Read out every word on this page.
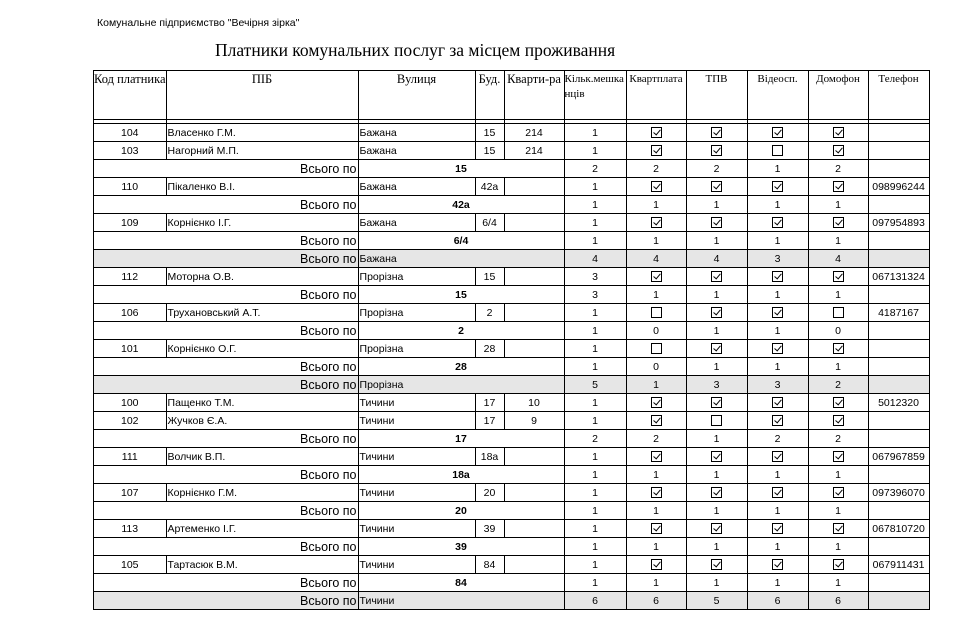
Комунальне підприємство "Вечірня зірка"
Платники комунальних послуг за місцем проживання
Код платника	ПІБ	Вулиця	Буд.	Кварти-ра	Кільк.мешканців	Квартплата	ТПВ	Відеосп.	Домофон	Телефон

104	Власенко Г.М.	Бажана	15	214	1					
103	Нагорний М.П.	Бажана	15	214	1					
Всього по		15			2	2	2	1	2	
110	Пікаленко В.І.	Бажана	42а		1					098996244
Всього по		42а			1	1	1	1	1	
109	Корнієнко І.Г.	Бажана	6/4		1					097954893
Всього по		6/4			1	1	1	1	1	
Всього по		Бажана			4	4	4	3	4	
112	Моторна О.В.	Прорізна	15		3					067131324
Всього по		15			3	1	1	1	1	
106	Трухановський А.Т.	Прорізна	2		1					4187167
Всього по		2			1	0	1	1	0	
101	Корнієнко О.Г.	Прорізна	28		1					
Всього по		28			1	0	1	1	1	
Всього по		Прорізна			5	1	3	3	2	
100	Пащенко Т.М.	Тичини	17	10	1					5012320
102	Жучков Є.А.	Тичини	17	9	1					
Всього по		17			2	2	1	2	2	
111	Волчик В.П.	Тичини	18а		1					067967859
Всього по		18а			1	1	1	1	1	
107	Корнієнко Г.М.	Тичини	20		1					097396070
Всього по		20			1	1	1	1	1	
113	Артеменко І.Г.	Тичини	39		1					067810720
Всього по		39			1	1	1	1	1	
105	Тартасюк В.М.	Тичини	84		1					067911431
Всього по		84			1	1	1	1	1	
Всього по		Тичини			6	6	5	6	6	
